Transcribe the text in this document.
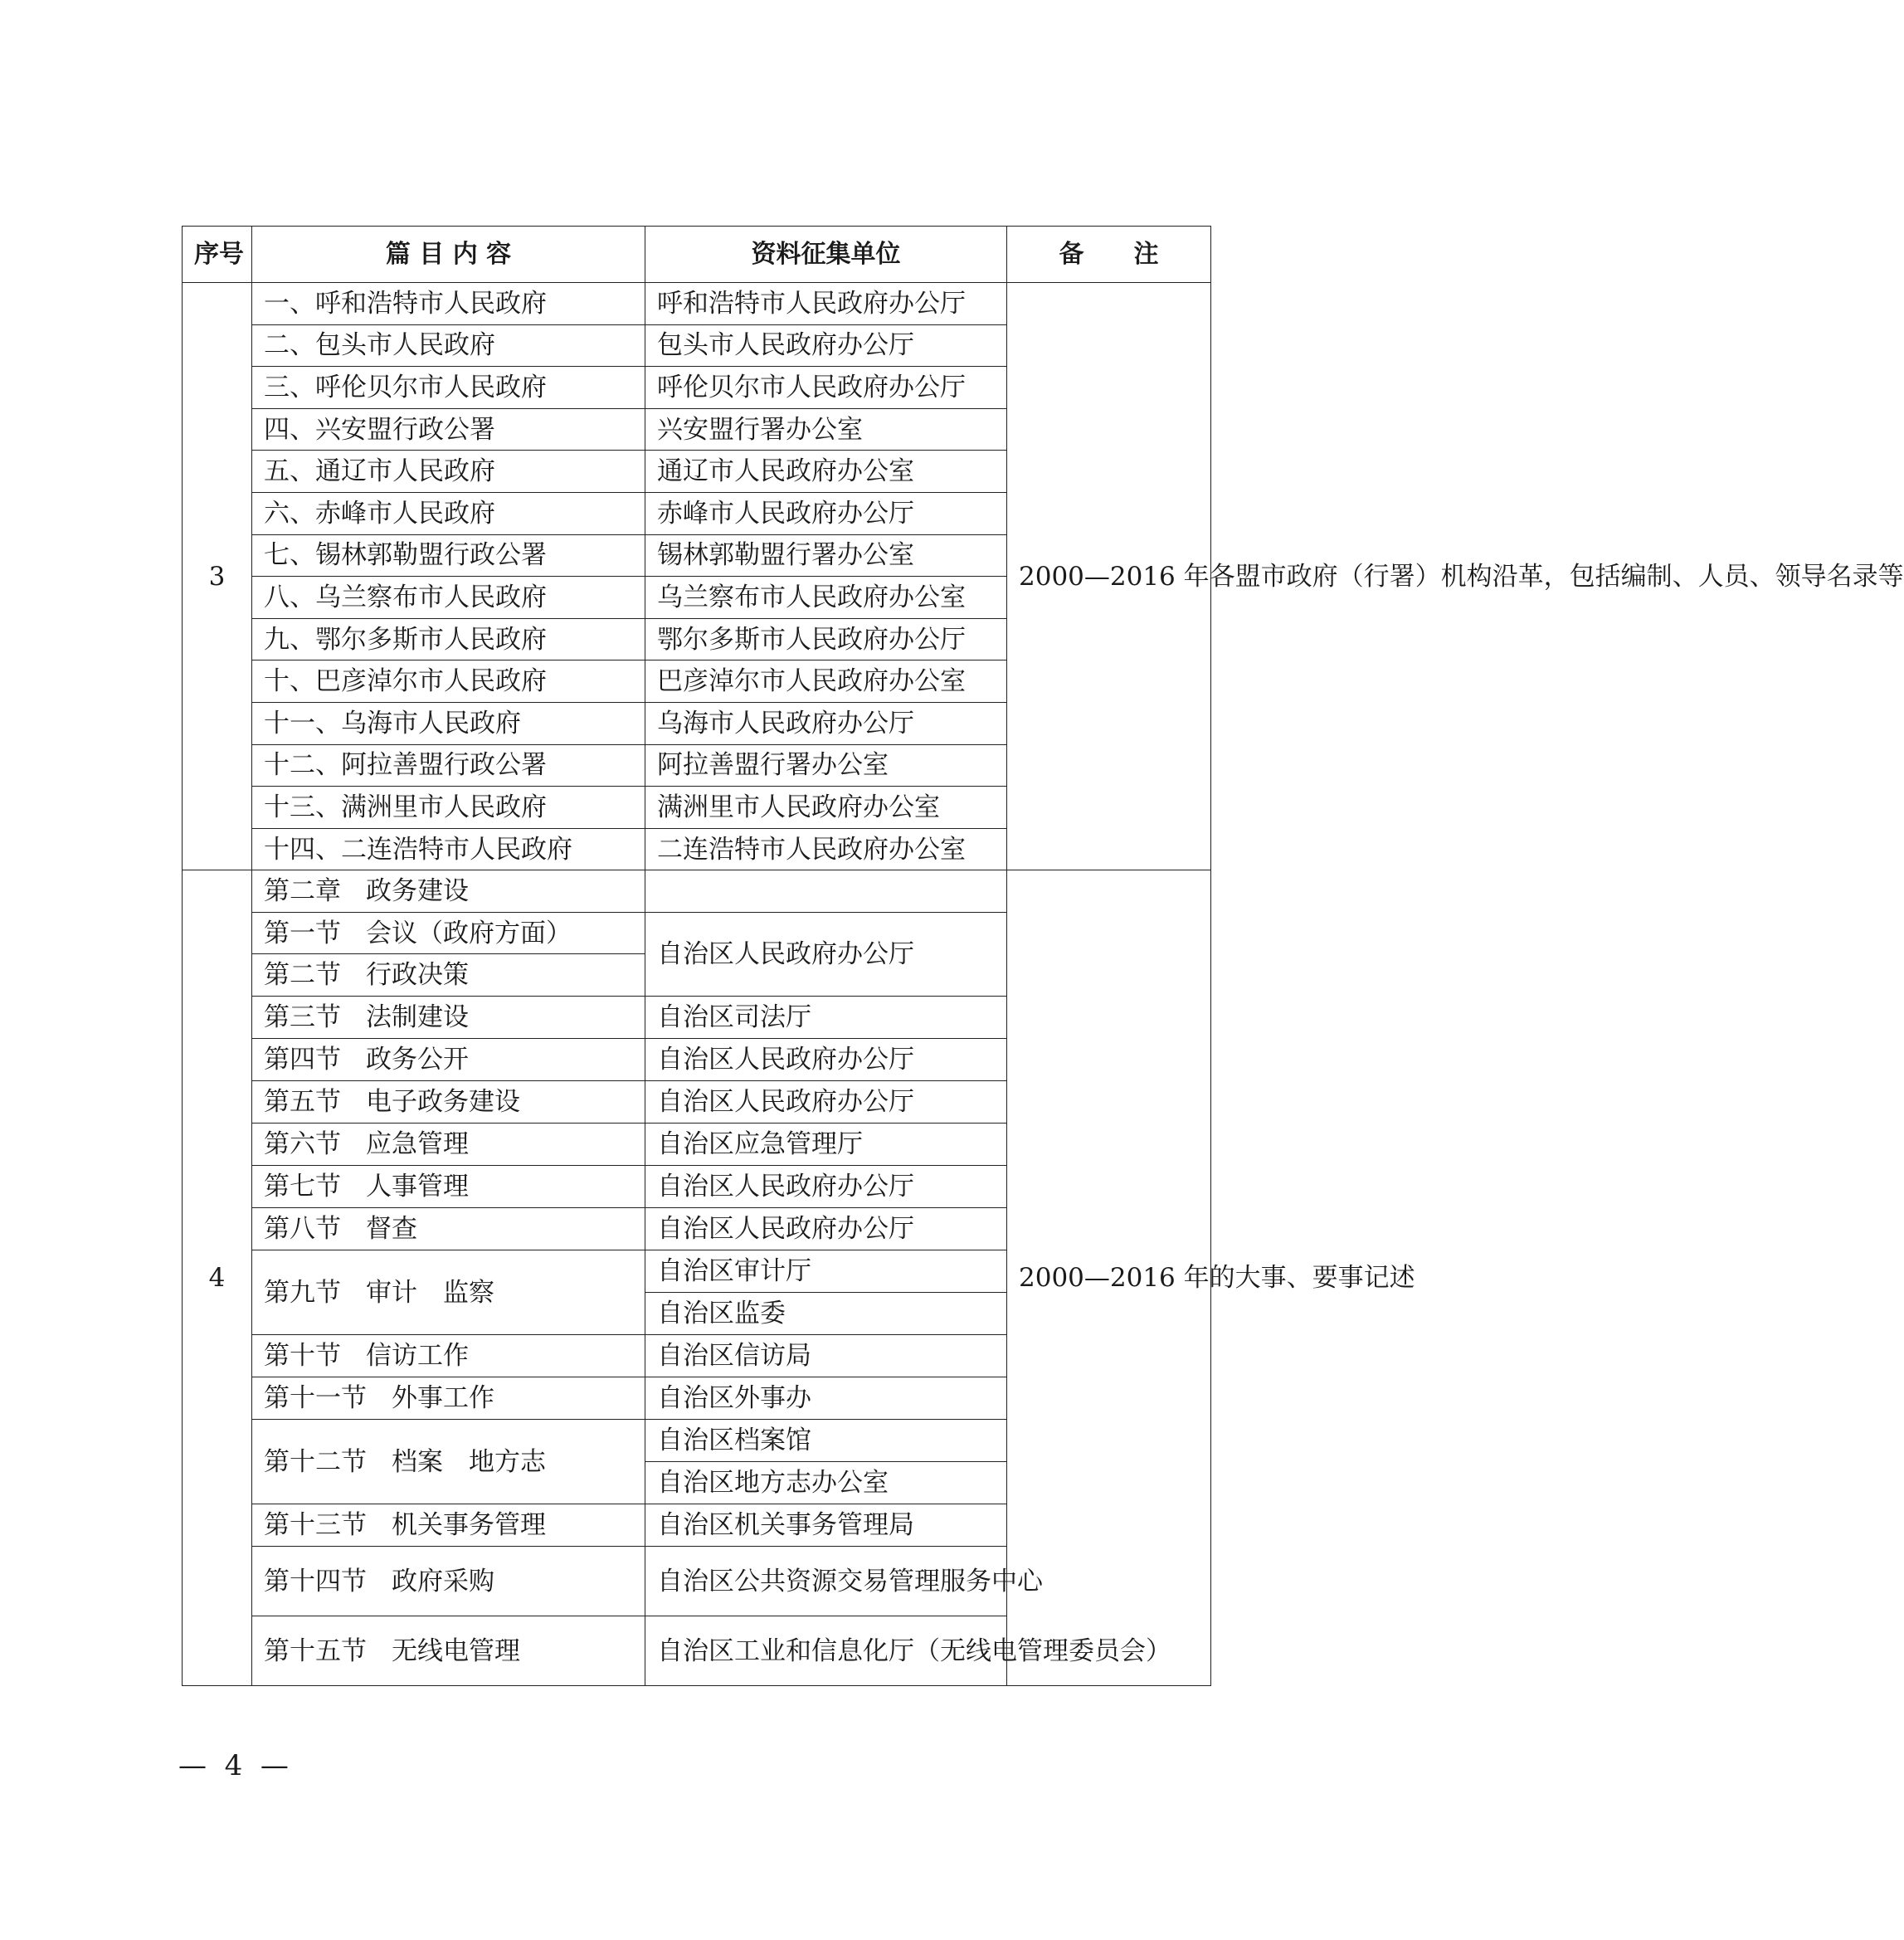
序号	篇 目 内 容	资料征集单位	备　　注
3	一、呼和浩特市人民政府	呼和浩特市人民政府办公厅	2000—2016 年各盟市政府（行署）机构沿革，包括编制、人员、领导名录等
	二、包头市人民政府	包头市人民政府办公厅	
	三、呼伦贝尔市人民政府	呼伦贝尔市人民政府办公厅	
	四、兴安盟行政公署	兴安盟行署办公室	
	五、通辽市人民政府	通辽市人民政府办公室	
	六、赤峰市人民政府	赤峰市人民政府办公厅	
	七、锡林郭勒盟行政公署	锡林郭勒盟行署办公室	
	八、乌兰察布市人民政府	乌兰察布市人民政府办公室	
	九、鄂尔多斯市人民政府	鄂尔多斯市人民政府办公厅	
	十、巴彦淖尔市人民政府	巴彦淖尔市人民政府办公室	
	十一、乌海市人民政府	乌海市人民政府办公厅	
	十二、阿拉善盟行政公署	阿拉善盟行署办公室	
	十三、满洲里市人民政府	满洲里市人民政府办公室	
	十四、二连浩特市人民政府	二连浩特市人民政府办公室	
4	第二章 政务建设		2000—2016 年的大事、要事记述
	第一节 会议（政府方面）	自治区人民政府办公厅	
	第二节 行政决策		
	第三节 法制建设	自治区司法厅	
	第四节 政务公开	自治区人民政府办公厅	
	第五节 电子政务建设	自治区人民政府办公厅	
	第六节 应急管理	自治区应急管理厅	
	第七节 人事管理	自治区人民政府办公厅	
	第八节 督查	自治区人民政府办公厅	
	第九节 审计　监察	自治区审计厅	
		自治区监委	
	第十节 信访工作	自治区信访局	
	第十一节 外事工作	自治区外事办	
	第十二节 档案　地方志	自治区档案馆	
		自治区地方志办公室	
	第十三节 机关事务管理	自治区机关事务管理局	
	第十四节 政府采购	自治区公共资源交易管理服务中心	
	第十五节 无线电管理	自治区工业和信息化厅（无线电管理委员会）	
—  4  —
